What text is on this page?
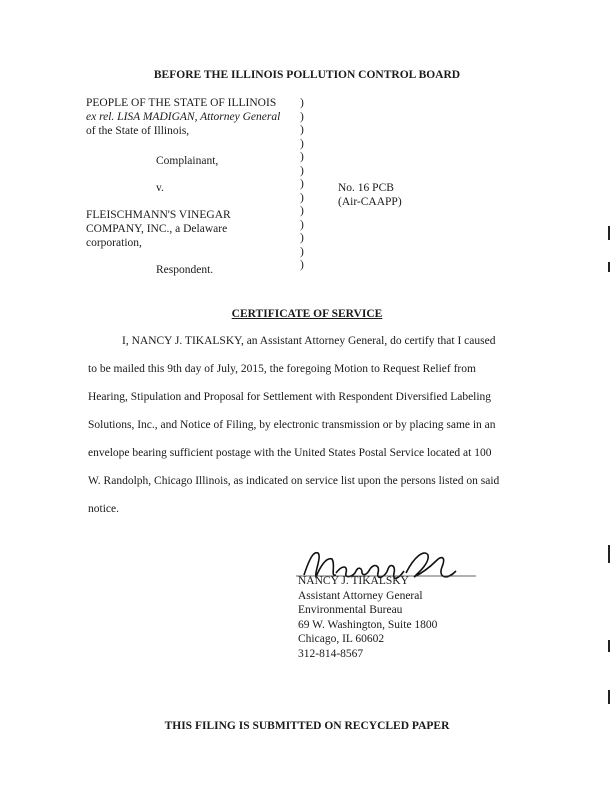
BEFORE THE ILLINOIS POLLUTION CONTROL BOARD
PEOPLE OF THE STATE OF ILLINOIS
ex rel. LISA MADIGAN, Attorney General
of the State of Illinois,
Complainant,
v.
FLEISCHMANN'S VINEGAR
COMPANY, INC., a Delaware
corporation,
Respondent.
)
)
)
)
)
)
)
)
)
)
)
)
)
No. 16 PCB
(Air-CAAPP)
CERTIFICATE OF SERVICE
I, NANCY J. TIKALSKY, an Assistant Attorney General, do certify that I caused
to be mailed this 9th day of July, 2015, the foregoing Motion to Request Relief from
Hearing, Stipulation and Proposal for Settlement with Respondent Diversified Labeling
Solutions, Inc., and Notice of Filing, by electronic transmission or by placing same in an
envelope bearing sufficient postage with the United States Postal Service located at 100
W. Randolph, Chicago Illinois, as indicated on service list upon the persons listed on said
notice.
NANCY J. TIKALSKY
Assistant Attorney General
Environmental Bureau
69 W. Washington, Suite 1800
Chicago, IL 60602
312-814-8567
THIS FILING IS SUBMITTED ON RECYCLED PAPER
